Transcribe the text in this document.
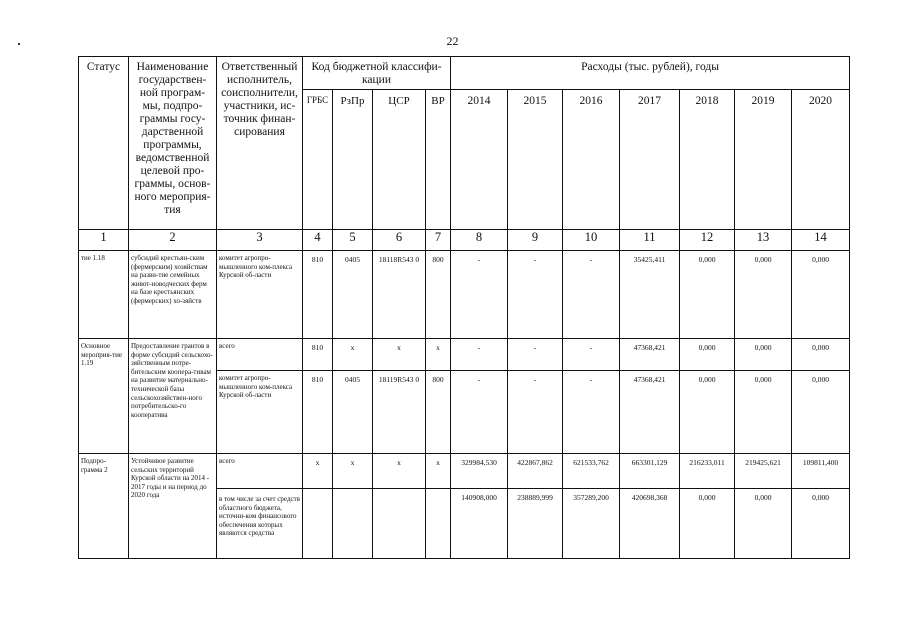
22
Статус	Наименование государствен-ной програм-мы, подпро-граммы госу-дарственной программы, ведомственной целевой про-граммы, основ-ного мероприя-тия	Ответственный исполнитель, соисполнители, участники, ис-точник финан-сирования	Код бюджетной классифи-кации				Расходы (тыс. рублей), годы						
			ГРБС	РзПр	ЦСР	ВР	2014	2015	2016	2017	2018	2019	2020
1	2	3	4	5	6	7	8	9	10	11	12	13	14
тие 1.18	субсидий крестьян-ским (фермерским) хозяйствам на разви-тие семейных живот-новодческих ферм на базе крестьянских (фермерских) хо-зяйств	комитет агропро-мышленного ком-плекса Курской об-ласти	810	0405	18118R543 0	800	-	-	-	35425,411	0,000	0,000	0,000
Основное мероприя-тие 1.19	Предоставление грантов в форме субсидий сельскохо-зяйственным потре-бительским коопера-тивам на развитие материально-технической базы сельскохозяйствен-ного потребительско-го кооператива	всего	810	x	x	x	-	-	-	47368,421	0,000	0,000	0,000
		комитет агропро-мышленного ком-плекса Курской об-ласти	810	0405	18119R543 0	800	-	-	-	47368,421	0,000	0,000	0,000
Подпро-грамма 2	Устойчивое развитие сельских территорий Курской области на 2014 - 2017 годы и на период до 2020 года	всего	x	x	x	x	329984,530	422867,862	621533,762	663301,129	216233,011	219425,621	109811,400
		в том числе за счет средств областного бюджета, источни-ком финансового обеспечения которых являются средства					140908,000	238889,999	357289,200	420698,368	0,000	0,000	0,000
